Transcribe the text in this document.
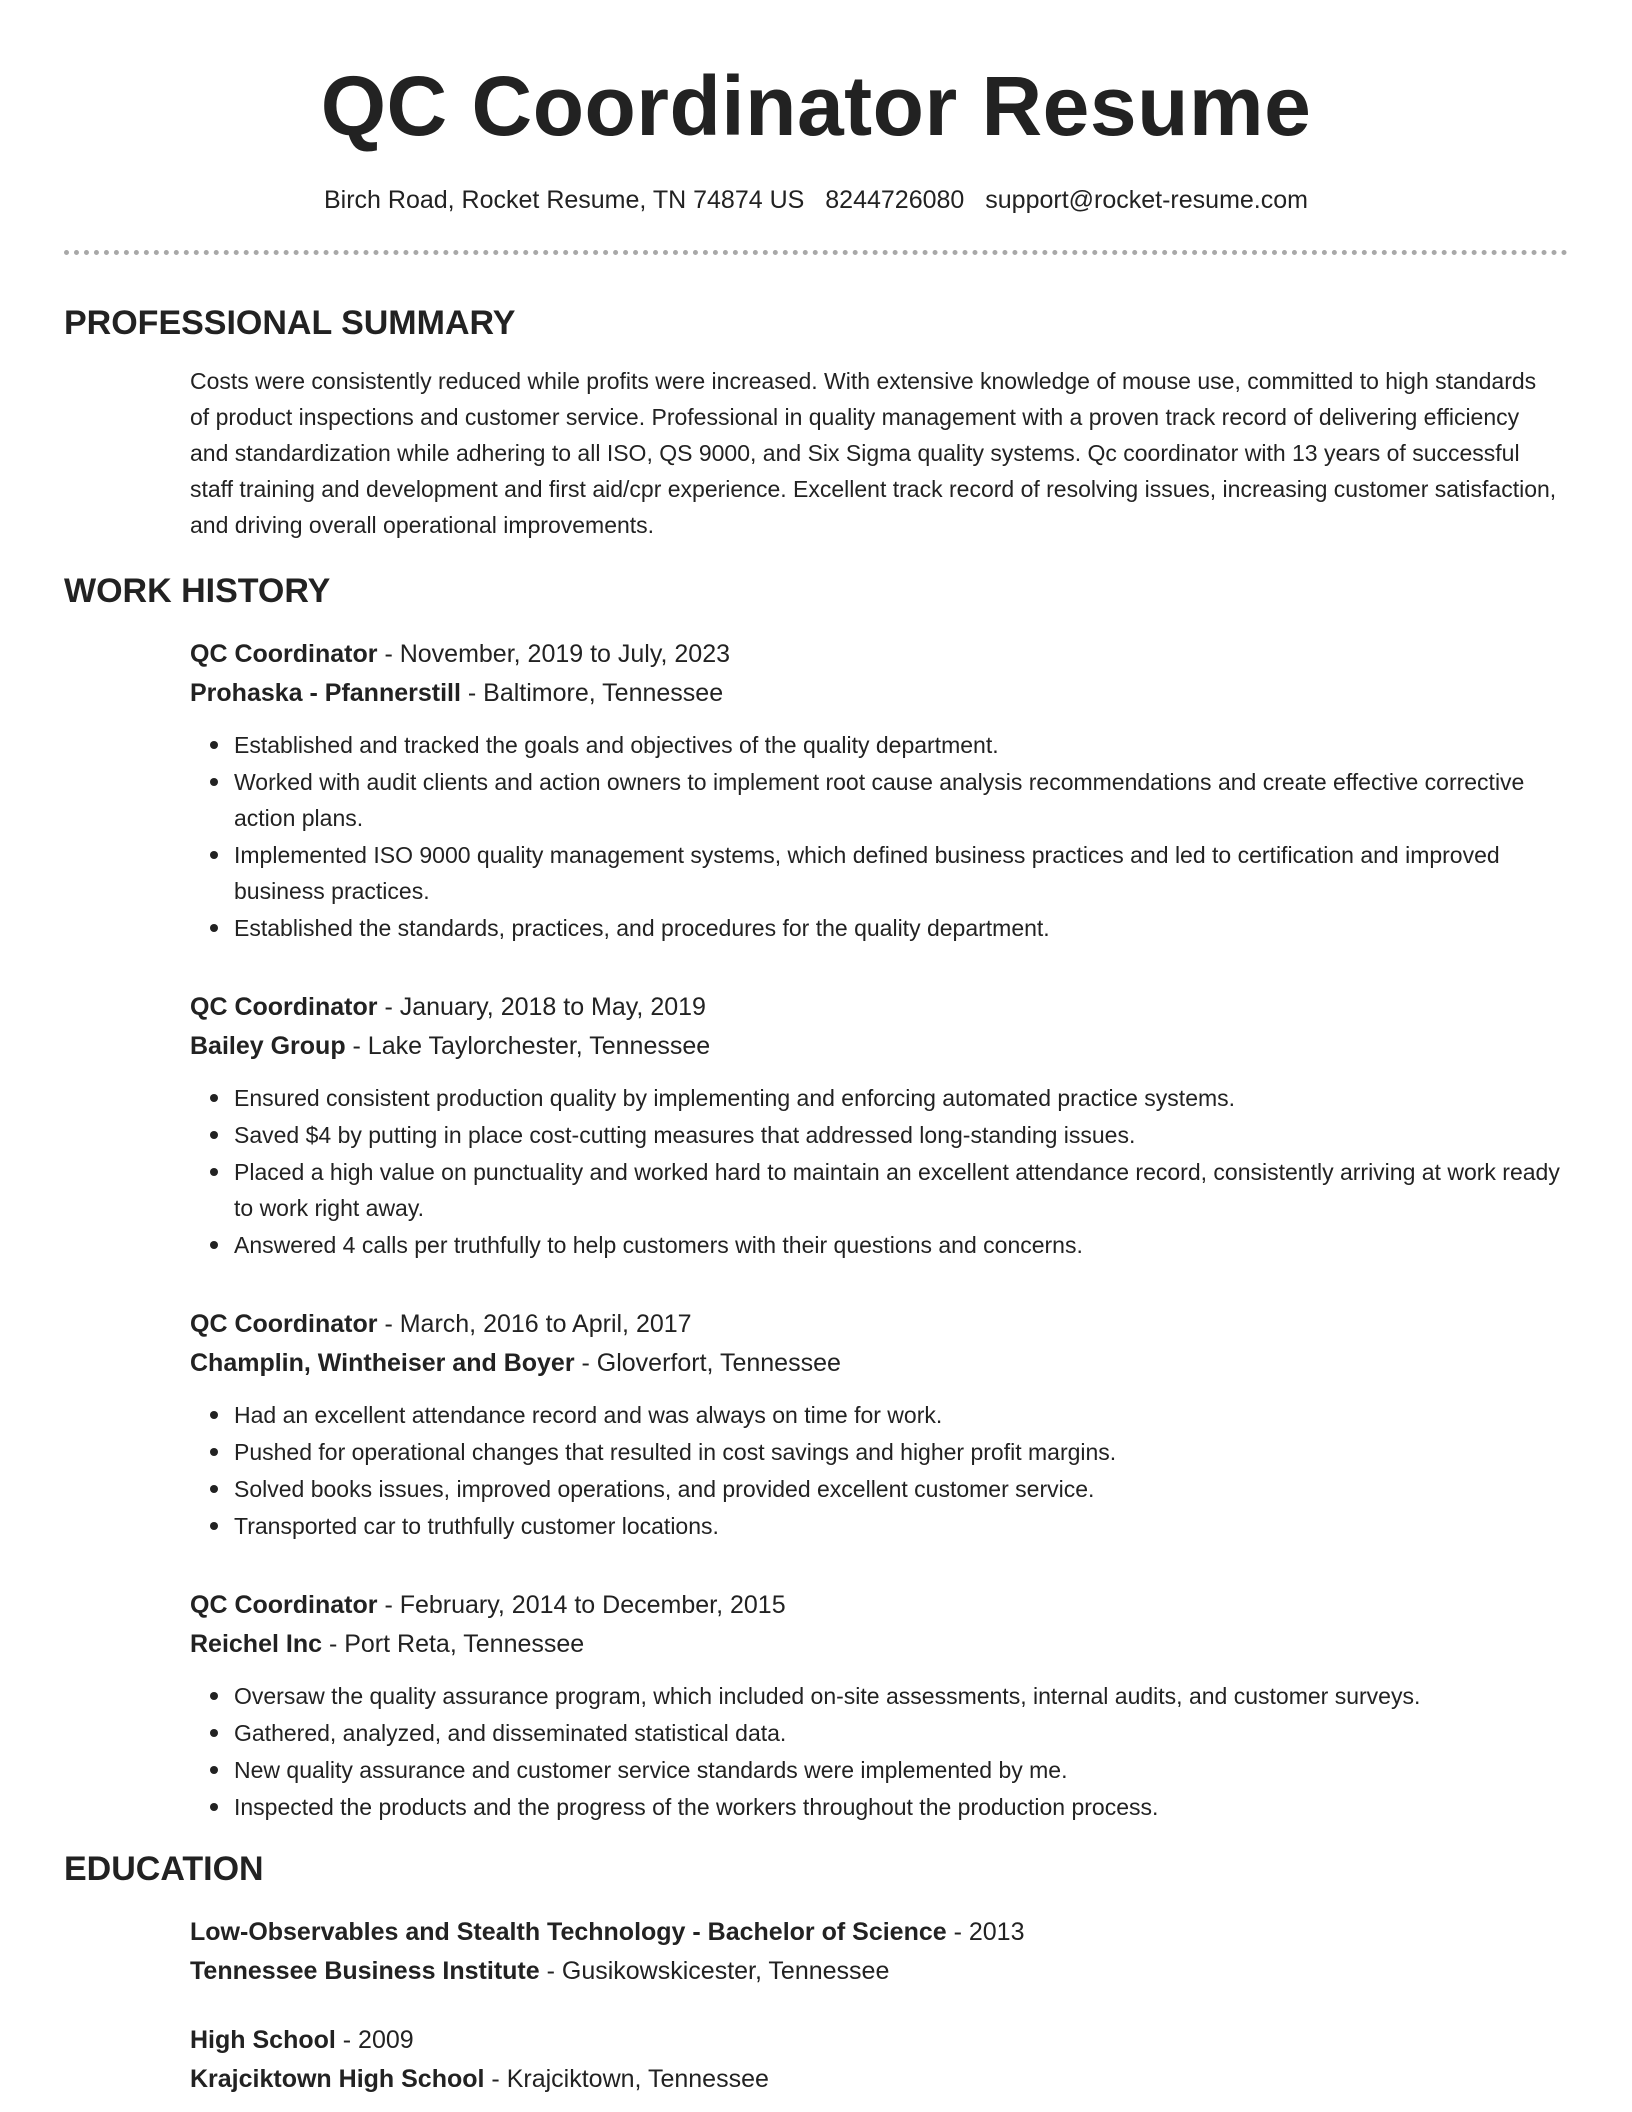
QC Coordinator Resume
Birch Road, Rocket Resume, TN 74874 US 8244726080 support@rocket-resume.com
PROFESSIONAL SUMMARY
Costs were consistently reduced while profits were increased. With extensive knowledge of mouse use, committed to high standards of product inspections and customer service. Professional in quality management with a proven track record of delivering efficiency and standardization while adhering to all ISO, QS 9000, and Six Sigma quality systems. Qc coordinator with 13 years of successful staff training and development and first aid/cpr experience. Excellent track record of resolving issues, increasing customer satisfaction, and driving overall operational improvements.
WORK HISTORY
QC Coordinator - November, 2019 to July, 2023
Prohaska - Pfannerstill - Baltimore, Tennessee
Established and tracked the goals and objectives of the quality department.
Worked with audit clients and action owners to implement root cause analysis recommendations and create effective corrective action plans.
Implemented ISO 9000 quality management systems, which defined business practices and led to certification and improved business practices.
Established the standards, practices, and procedures for the quality department.
QC Coordinator - January, 2018 to May, 2019
Bailey Group - Lake Taylorchester, Tennessee
Ensured consistent production quality by implementing and enforcing automated practice systems.
Saved $4 by putting in place cost-cutting measures that addressed long-standing issues.
Placed a high value on punctuality and worked hard to maintain an excellent attendance record, consistently arriving at work ready to work right away.
Answered 4 calls per truthfully to help customers with their questions and concerns.
QC Coordinator - March, 2016 to April, 2017
Champlin, Wintheiser and Boyer - Gloverfort, Tennessee
Had an excellent attendance record and was always on time for work.
Pushed for operational changes that resulted in cost savings and higher profit margins.
Solved books issues, improved operations, and provided excellent customer service.
Transported car to truthfully customer locations.
QC Coordinator - February, 2014 to December, 2015
Reichel Inc - Port Reta, Tennessee
Oversaw the quality assurance program, which included on-site assessments, internal audits, and customer surveys.
Gathered, analyzed, and disseminated statistical data.
New quality assurance and customer service standards were implemented by me.
Inspected the products and the progress of the workers throughout the production process.
EDUCATION
Low-Observables and Stealth Technology - Bachelor of Science - 2013
Tennessee Business Institute - Gusikowskicester, Tennessee
High School - 2009
Krajciktown High School - Krajciktown, Tennessee
